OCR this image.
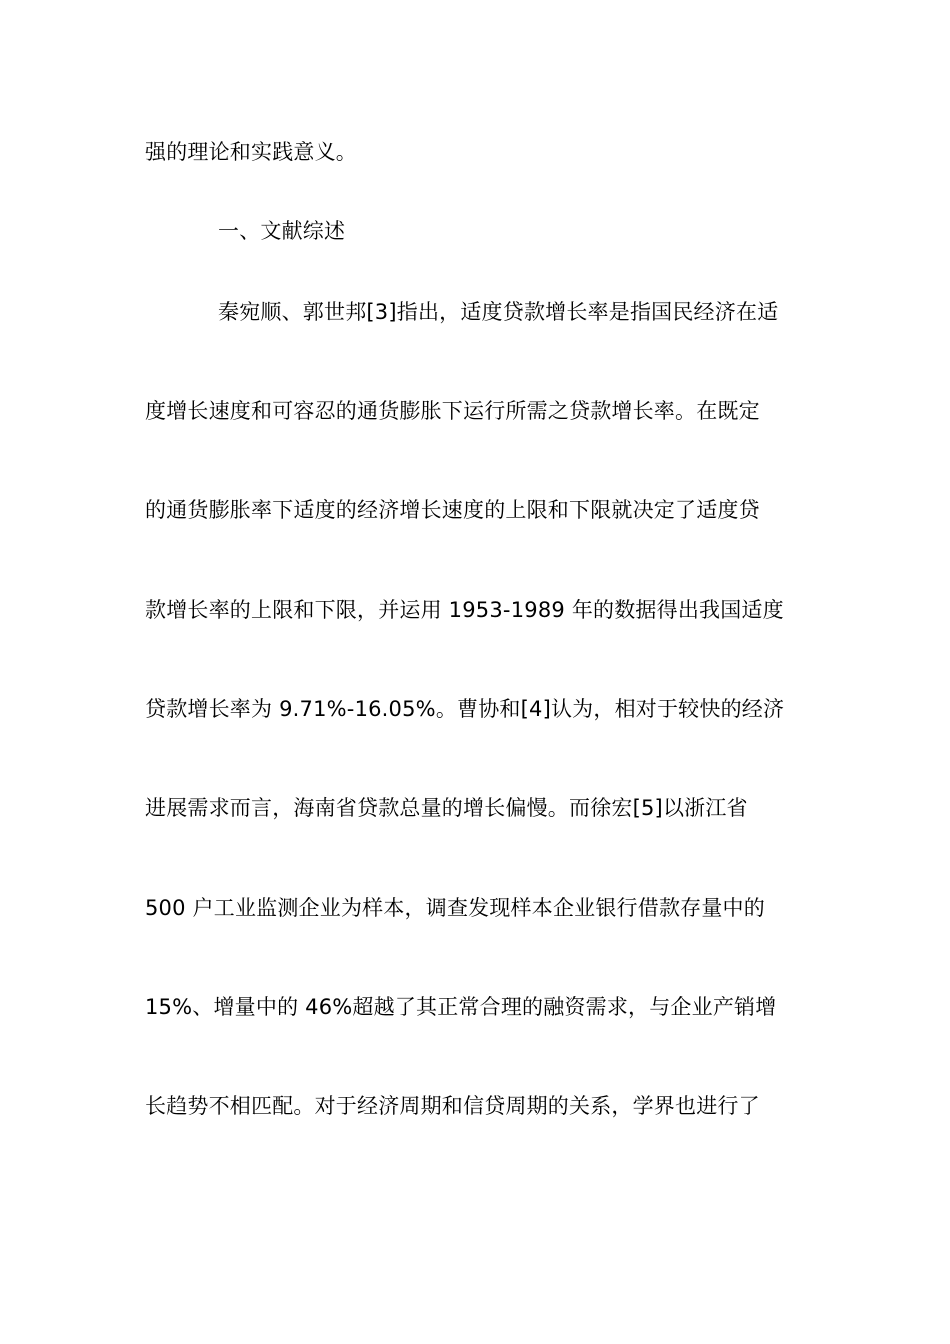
强的理论和实践意义。
一、文献综述
秦宛顺、郭世邦[3]指出，适度贷款增长率是指国民经济在适
度增长速度和可容忍的通货膨胀下运行所需之贷款增长率。在既定
的通货膨胀率下适度的经济增长速度的上限和下限就决定了适度贷
款增长率的上限和下限，并运用 1953-1989 年的数据得出我国适度
贷款增长率为 9.71%-16.05%。曹协和[4]认为，相对于较快的经济
进展需求而言，海南省贷款总量的增长偏慢。而徐宏[5]以浙江省
500 户工业监测企业为样本，调查发现样本企业银行借款存量中的
15%、增量中的 46%超越了其正常合理的融资需求，与企业产销增
长趋势不相匹配。对于经济周期和信贷周期的关系，学界也进行了
